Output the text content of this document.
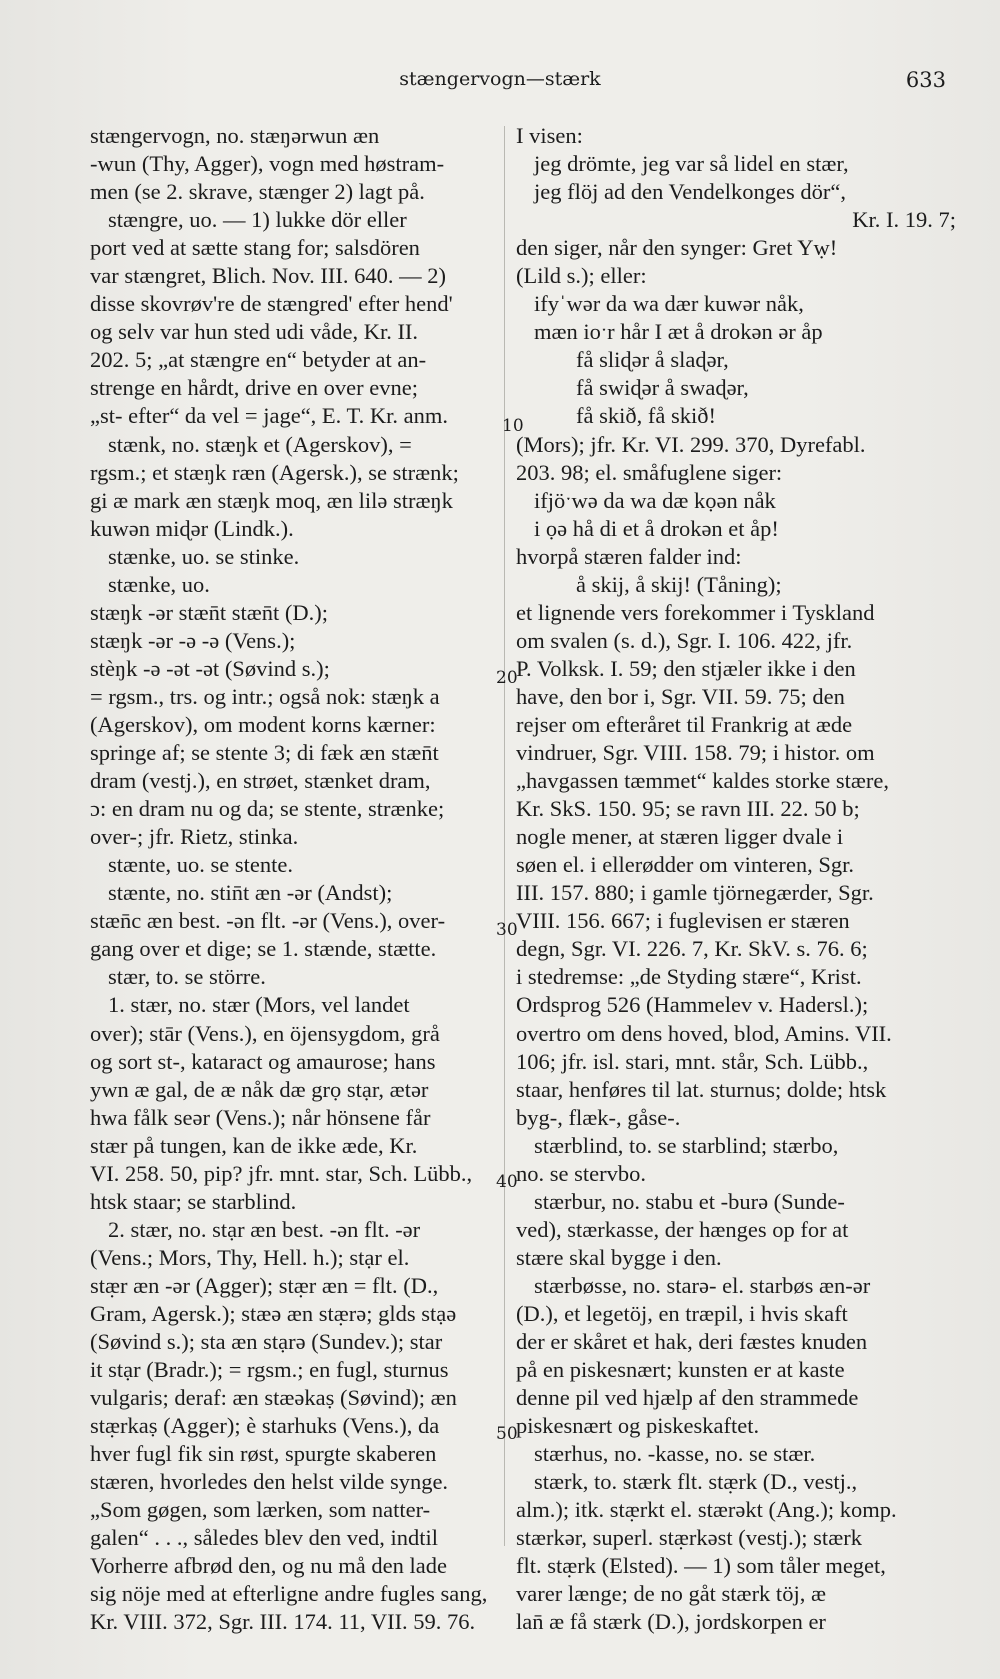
stængervogn—stærk	633
stængervogn, no. stæŋərwun æn
-wun (Thy, Agger), vogn med høstram-
men (se 2. skrave, stænger 2) lagt på.
stængre, uo. — 1) lukke dör eller
port ved at sætte stang for; salsdören
var stængret, Blich. Nov. III. 640. — 2)
disse skovrøv're de stængred' efter hend'
og selv var hun sted udi våde, Kr. II.
202. 5; „at stængre en“ betyder at an-
strenge en hårdt, drive en over evne;
„st- efter“ da vel = jage“, E. T. Kr. anm.
stænk, no. stæŋk et (Agerskov), =
rgsm.; et stæŋk ræn (Agersk.), se strænk;
gi æ mark æn stæŋk moq, æn lilə stræŋk
kuwən miɖər (Lindk.).
stænke, uo. se stinke.
stænke, uo.
stæŋk -ər stæn̄t stæn̄t (D.);
stæŋk -ər -ə -ə (Vens.);
stèŋk -ə -ət -ət (Søvind s.);
= rgsm., trs. og intr.; også nok: stæŋk a
(Agerskov), om modent korns kærner:
springe af; se stente 3; di fæk æn stæn̄t
dram (vestj.), en strøet, stænket dram,
ɔ: en dram nu og da; se stente, strænke;
over-; jfr. Rietz, stinka.
stænte, uo. se stente.
stænte, no. stin̄t æn -ər (Andst);
stæn̄c æn best. -ən flt. -ər (Vens.), over-
gang over et dige; se 1. stænde, stætte.
stær, to. se större.
1. stær, no. stær (Mors, vel landet
over); stār (Vens.), en öjensygdom, grå
og sort st-, kataract og amaurose; hans
ywn æ gal, de æ nåk dæ grọ stạr, ætər
hwa fålk seər (Vens.); når hönsene får
stær på tungen, kan de ikke æde, Kr.
VI. 258. 50, pip? jfr. mnt. star, Sch. Lübb.,
htsk staar; se starblind.
2. stær, no. stạr æn best. -ən flt. -ər
(Vens.; Mors, Thy, Hell. h.); stạr el.
stæ̣r æn -ər (Agger); stæ̣r æn = flt. (D.,
Gram, Agersk.); stæə æn stæ̣rə; glds stạə
(Søvind s.); sta æn stạrə (Sundev.); star
it stạr (Bradr.); = rgsm.; en fugl, sturnus
vulgaris; deraf: æn stæəkaṣ (Søvind); æn
stæ̣rkaṣ (Agger); è starhuks (Vens.), da
hver fugl fik sin røst, spurgte skaberen
stæren, hvorledes den helst vilde synge.
„Som gøgen, som lærken, som natter-
galen“ . . ., således blev den ved, indtil
Vorherre afbrød den, og nu må den lade
sig nöje med at efterligne andre fugles sang,
Kr. VIII. 372, Sgr. III. 174. 11, VII. 59. 76.
10
20
30
40
50
I visen:
jeg drömte, jeg var så lidel en stær,
jeg flöj ad den Vendelkonges dör“,
Kr. I. 19. 7;
den siger, når den synger: Gret Yẉ!
(Lild s.); eller:
ifyˈwər da wa dær kuwər nåk,
mæn ioˑr hår I æt å drokən ər åp
få sliɖər å slaɖər,
få swiɖər å swaɖər,
få skið, få skið!
(Mors); jfr. Kr. VI. 299. 370, Dyrefabl.
203. 98; el. småfuglene siger:
ifjöˑwə da wa dæ kọən nåk
i ọə hå di et å drokən et åp!
hvorpå stæren falder ind:
å skij, å skij! (Tåning);
et lignende vers forekommer i Tyskland
om svalen (s. d.), Sgr. I. 106. 422, jfr.
P. Volksk. I. 59; den stjæler ikke i den
have, den bor i, Sgr. VII. 59. 75; den
rejser om efteråret til Frankrig at æde
vindruer, Sgr. VIII. 158. 79; i histor. om
„havgassen tæmmet“ kaldes storke stære,
Kr. SkS. 150. 95; se ravn III. 22. 50 b;
nogle mener, at stæren ligger dvale i
søen el. i ellerødder om vinteren, Sgr.
III. 157. 880; i gamle tjörnegærder, Sgr.
VIII. 156. 667; i fuglevisen er stæren
degn, Sgr. VI. 226. 7, Kr. SkV. s. 76. 6;
i stedremse: „de Styding stære“, Krist.
Ordsprog 526 (Hammelev v. Hadersl.);
overtro om dens hoved, blod, Amins. VII.
106; jfr. isl. stari, mnt. står, Sch. Lübb.,
staar, henføres til lat. sturnus; dolde; htsk
byg-, flæk-, gåse-.
stærblind, to. se starblind; stærbo,
no. se stervbo.
stærbur, no. stabu et -burə (Sunde-
ved), stærkasse, der hænges op for at
stære skal bygge i den.
stærbøsse, no. starə- el. starbøs æn-ər
(D.), et legetöj, en træpil, i hvis skaft
der er skåret et hak, deri fæstes knuden
på en piskesnært; kunsten er at kaste
denne pil ved hjælp af den strammede
piskesnært og piskeskaftet.
stærhus, no. -kasse, no. se stær.
stærk, to. stærk flt. stæ̣rk (D., vestj.,
alm.); itk. stæ̣rkt el. stærəkt (Ang.); komp.
stærkər, superl. stæ̣rkəst (vestj.); stærk
flt. stæ̣rk (Elsted). — 1) som tåler meget,
varer længe; de no gåt stærk töj, æ
lan̄ æ få stærk (D.), jordskorpen er
